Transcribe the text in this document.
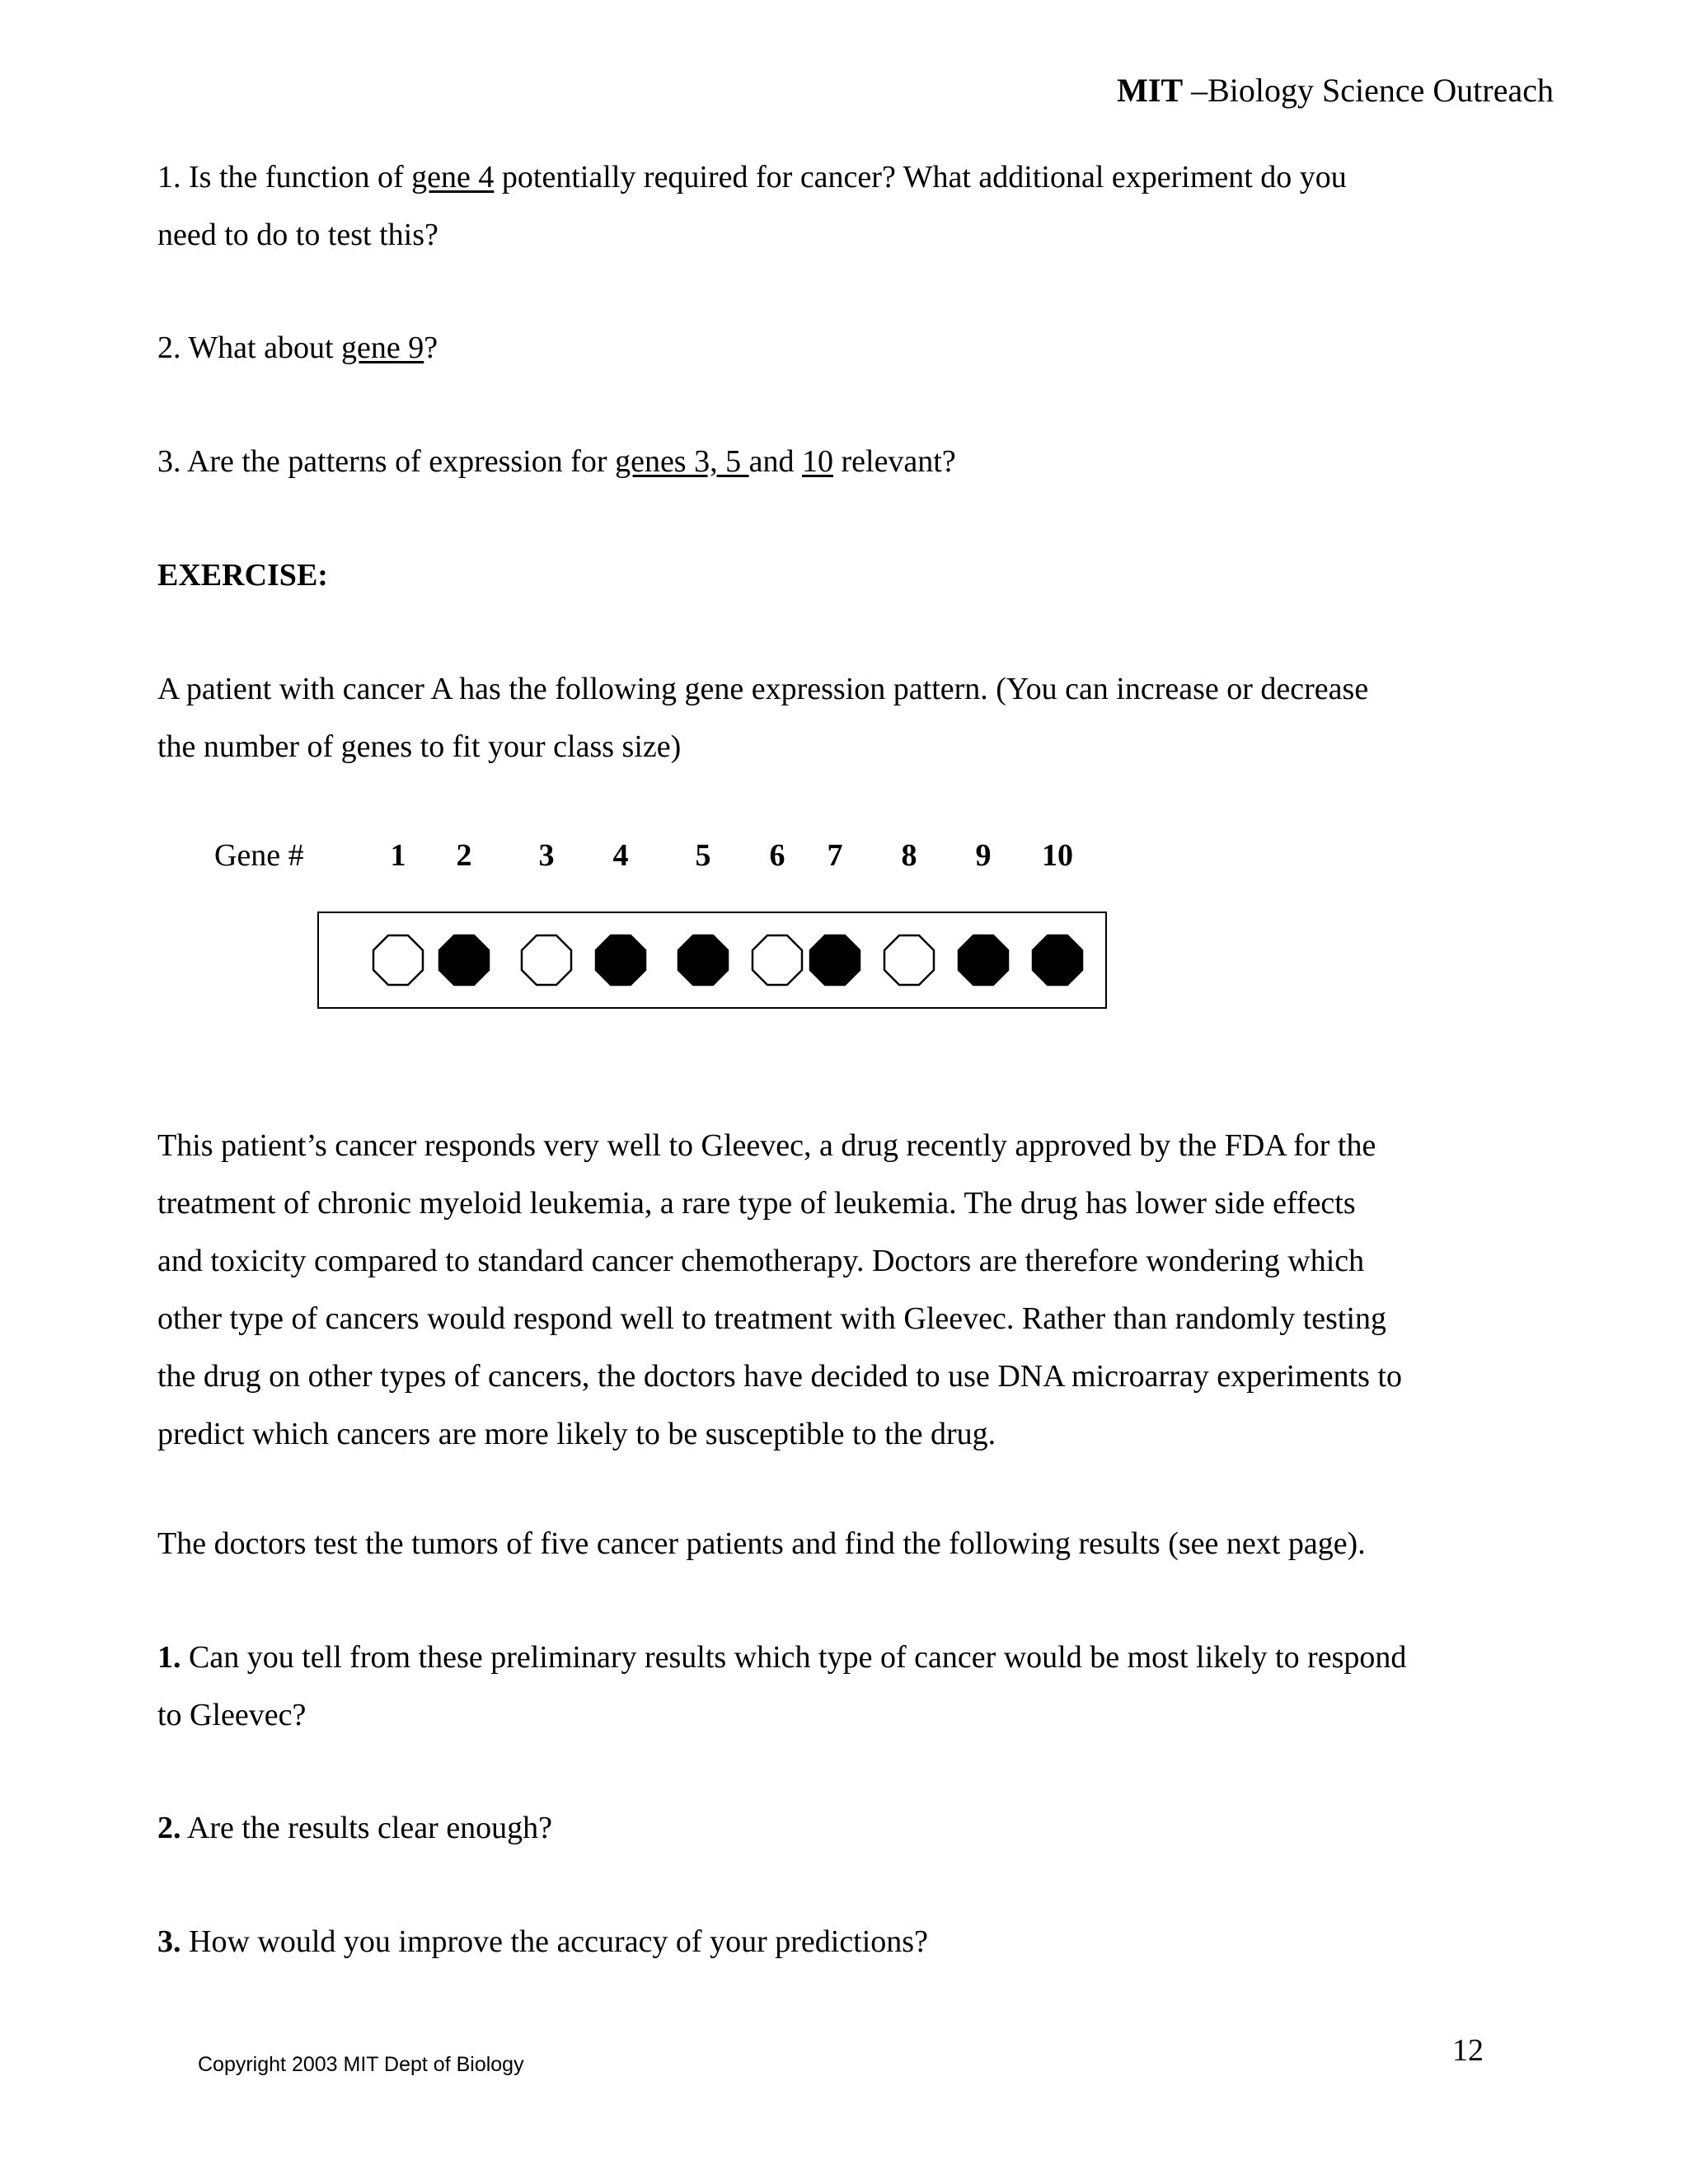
MIT –Biology Science Outreach
1. Is the function of gene 4 potentially required for cancer? What additional experiment do you
need to do to test this?
2. What about gene 9?
3. Are the patterns of expression for genes 3, 5 and 10 relevant?
EXERCISE:
A patient with cancer A has the following gene expression pattern. (You can increase or decrease
the number of genes to fit your class size)
Gene #	1	2	3	4	5	6	7	8	9	10
This patient’s cancer responds very well to Gleevec, a drug recently approved by the FDA for the
treatment of chronic myeloid leukemia, a rare type of leukemia. The drug has lower side effects
and toxicity compared to standard cancer chemotherapy. Doctors are therefore wondering which
other type of cancers would respond well to treatment with Gleevec. Rather than randomly testing
the drug on other types of cancers, the doctors have decided to use DNA microarray experiments to
predict which cancers are more likely to be susceptible to the drug.
The doctors test the tumors of five cancer patients and find the following results (see next page).
1. Can you tell from these preliminary results which type of cancer would be most likely to respond
to Gleevec?
2. Are the results clear enough?
3. How would you improve the accuracy of your predictions?
Copyright 2003 MIT Dept of Biology	12
